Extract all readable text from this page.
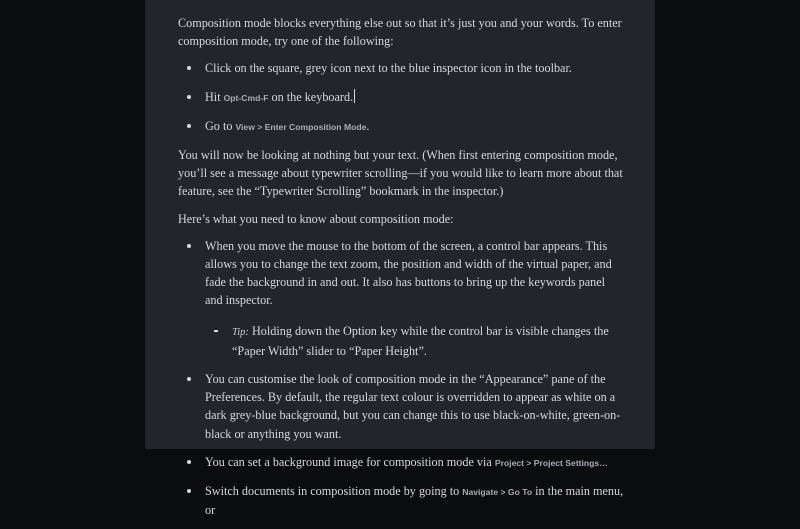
Composition mode blocks everything else out so that it’s just you and your words. To enter composition mode, try one of the following:

Click on the square, grey icon next to the blue inspector icon in the toolbar.
Hit Opt-Cmd-F on the keyboard.
Go to View > Enter Composition Mode.

You will now be looking at nothing but your text. (When first entering composition mode, you’ll see a message about typewriter scrolling—if you would like to learn more about that feature, see the “Typewriter Scrolling” bookmark in the inspector.)

Here’s what you need to know about composition mode:

When you move the mouse to the bottom of the screen, a control bar appears. This allows you to change the text zoom, the position and width of the virtual paper, and fade the background in and out. It also has buttons to bring up the keywords panel and inspector.
Tip: Holding down the Option key while the control bar is visible changes the “Paper Width” slider to “Paper Height”.
You can customise the look of composition mode in the “Appearance” pane of the Preferences. By default, the regular text colour is overridden to appear as white on a dark grey-blue background, but you can change this to use black-on-white, green-on-black or anything you want.
You can set a background image for composition mode via Project > Project Settings…
Switch documents in composition mode by going to Navigate > Go To in the main menu, or
